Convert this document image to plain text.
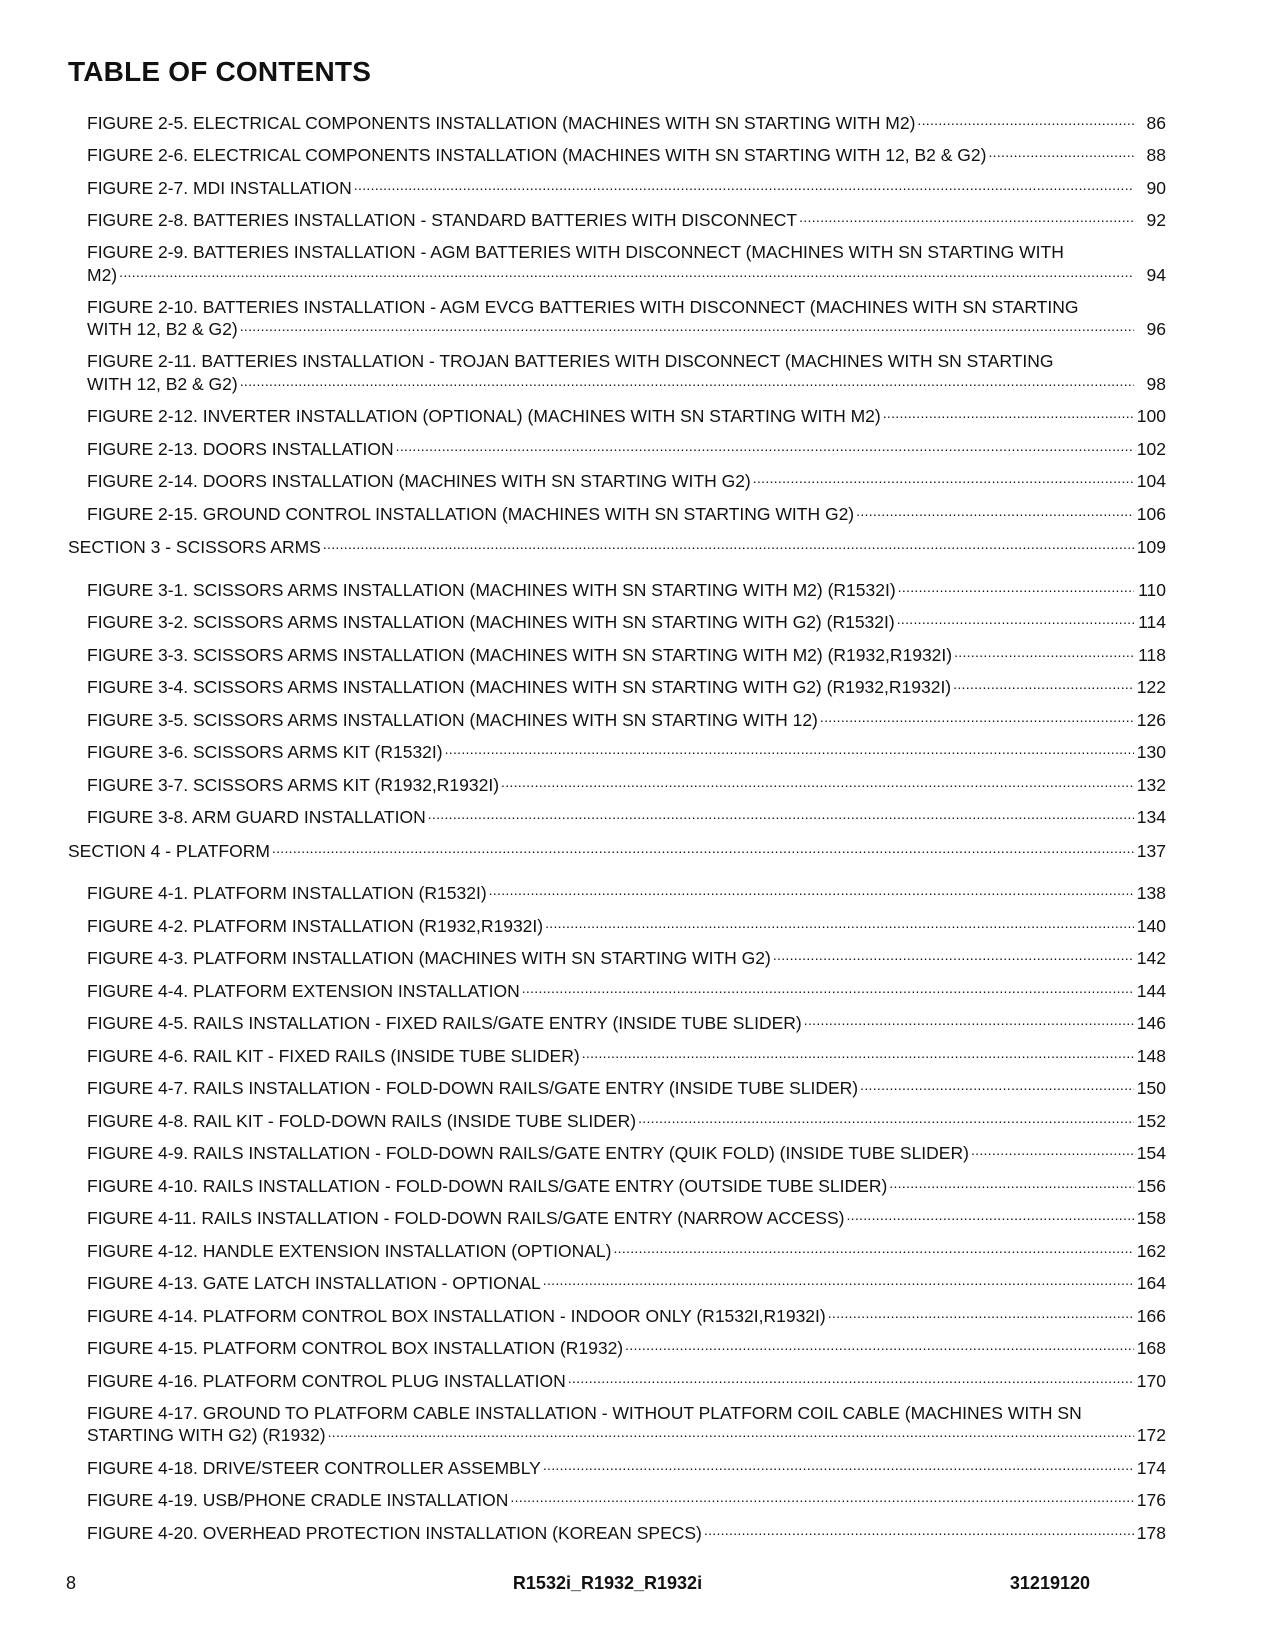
TABLE OF CONTENTS
FIGURE 2-5. ELECTRICAL COMPONENTS INSTALLATION (MACHINES WITH SN STARTING WITH M2) .....	86
FIGURE 2-6. ELECTRICAL COMPONENTS INSTALLATION (MACHINES WITH SN STARTING WITH 12, B2 & G2) .....	88
FIGURE 2-7. MDI INSTALLATION .....	90
FIGURE 2-8. BATTERIES INSTALLATION - STANDARD BATTERIES WITH DISCONNECT .....	92
FIGURE 2-9. BATTERIES INSTALLATION - AGM BATTERIES WITH DISCONNECT (MACHINES WITH SN STARTING WITH
M2) .....	94
FIGURE 2-10. BATTERIES INSTALLATION - AGM EVCG BATTERIES WITH DISCONNECT (MACHINES WITH SN STARTING
WITH 12, B2 & G2) .....	96
FIGURE 2-11. BATTERIES INSTALLATION - TROJAN BATTERIES WITH DISCONNECT (MACHINES WITH SN STARTING
WITH 12, B2 & G2) .....	98
FIGURE 2-12. INVERTER INSTALLATION (OPTIONAL) (MACHINES WITH SN STARTING WITH M2) .....	100
FIGURE 2-13. DOORS INSTALLATION .....	102
FIGURE 2-14. DOORS INSTALLATION (MACHINES WITH SN STARTING WITH G2) .....	104
FIGURE 2-15. GROUND CONTROL INSTALLATION (MACHINES WITH SN STARTING WITH G2) .....	106
SECTION 3 - SCISSORS ARMS .....	109
FIGURE 3-1. SCISSORS ARMS INSTALLATION (MACHINES WITH SN STARTING WITH M2) (R1532I) .....	110
FIGURE 3-2. SCISSORS ARMS INSTALLATION (MACHINES WITH SN STARTING WITH G2) (R1532I) .....	114
FIGURE 3-3. SCISSORS ARMS INSTALLATION (MACHINES WITH SN STARTING WITH M2) (R1932,R1932I) .....	118
FIGURE 3-4. SCISSORS ARMS INSTALLATION (MACHINES WITH SN STARTING WITH G2) (R1932,R1932I) .....	122
FIGURE 3-5. SCISSORS ARMS INSTALLATION (MACHINES WITH SN STARTING WITH 12) .....	126
FIGURE 3-6. SCISSORS ARMS KIT (R1532I) .....	130
FIGURE 3-7. SCISSORS ARMS KIT (R1932,R1932I) .....	132
FIGURE 3-8. ARM GUARD INSTALLATION .....	134
SECTION 4 - PLATFORM .....	137
FIGURE 4-1. PLATFORM INSTALLATION (R1532I) .....	138
FIGURE 4-2. PLATFORM INSTALLATION (R1932,R1932I) .....	140
FIGURE 4-3. PLATFORM INSTALLATION (MACHINES WITH SN STARTING WITH G2) .....	142
FIGURE 4-4. PLATFORM EXTENSION INSTALLATION .....	144
FIGURE 4-5. RAILS INSTALLATION - FIXED RAILS/GATE ENTRY (INSIDE TUBE SLIDER) .....	146
FIGURE 4-6. RAIL KIT - FIXED RAILS (INSIDE TUBE SLIDER) .....	148
FIGURE 4-7. RAILS INSTALLATION - FOLD-DOWN RAILS/GATE ENTRY (INSIDE TUBE SLIDER) .....	150
FIGURE 4-8. RAIL KIT - FOLD-DOWN RAILS (INSIDE TUBE SLIDER) .....	152
FIGURE 4-9. RAILS INSTALLATION - FOLD-DOWN RAILS/GATE ENTRY (QUIK FOLD) (INSIDE TUBE SLIDER) .....	154
FIGURE 4-10. RAILS INSTALLATION - FOLD-DOWN RAILS/GATE ENTRY (OUTSIDE TUBE SLIDER) .....	156
FIGURE 4-11. RAILS INSTALLATION - FOLD-DOWN RAILS/GATE ENTRY (NARROW ACCESS) .....	158
FIGURE 4-12. HANDLE EXTENSION INSTALLATION (OPTIONAL) .....	162
FIGURE 4-13. GATE LATCH INSTALLATION - OPTIONAL .....	164
FIGURE 4-14. PLATFORM CONTROL BOX INSTALLATION - INDOOR ONLY (R1532I,R1932I) .....	166
FIGURE 4-15. PLATFORM CONTROL BOX INSTALLATION (R1932) .....	168
FIGURE 4-16. PLATFORM CONTROL PLUG INSTALLATION .....	170
FIGURE 4-17. GROUND TO PLATFORM CABLE INSTALLATION - WITHOUT PLATFORM COIL CABLE (MACHINES WITH SN
STARTING WITH G2) (R1932) .....	172
FIGURE 4-18. DRIVE/STEER CONTROLLER ASSEMBLY .....	174
FIGURE 4-19. USB/PHONE CRADLE INSTALLATION .....	176
FIGURE 4-20. OVERHEAD PROTECTION INSTALLATION (KOREAN SPECS) .....	178
8	R1532i_R1932_R1932i	31219120
